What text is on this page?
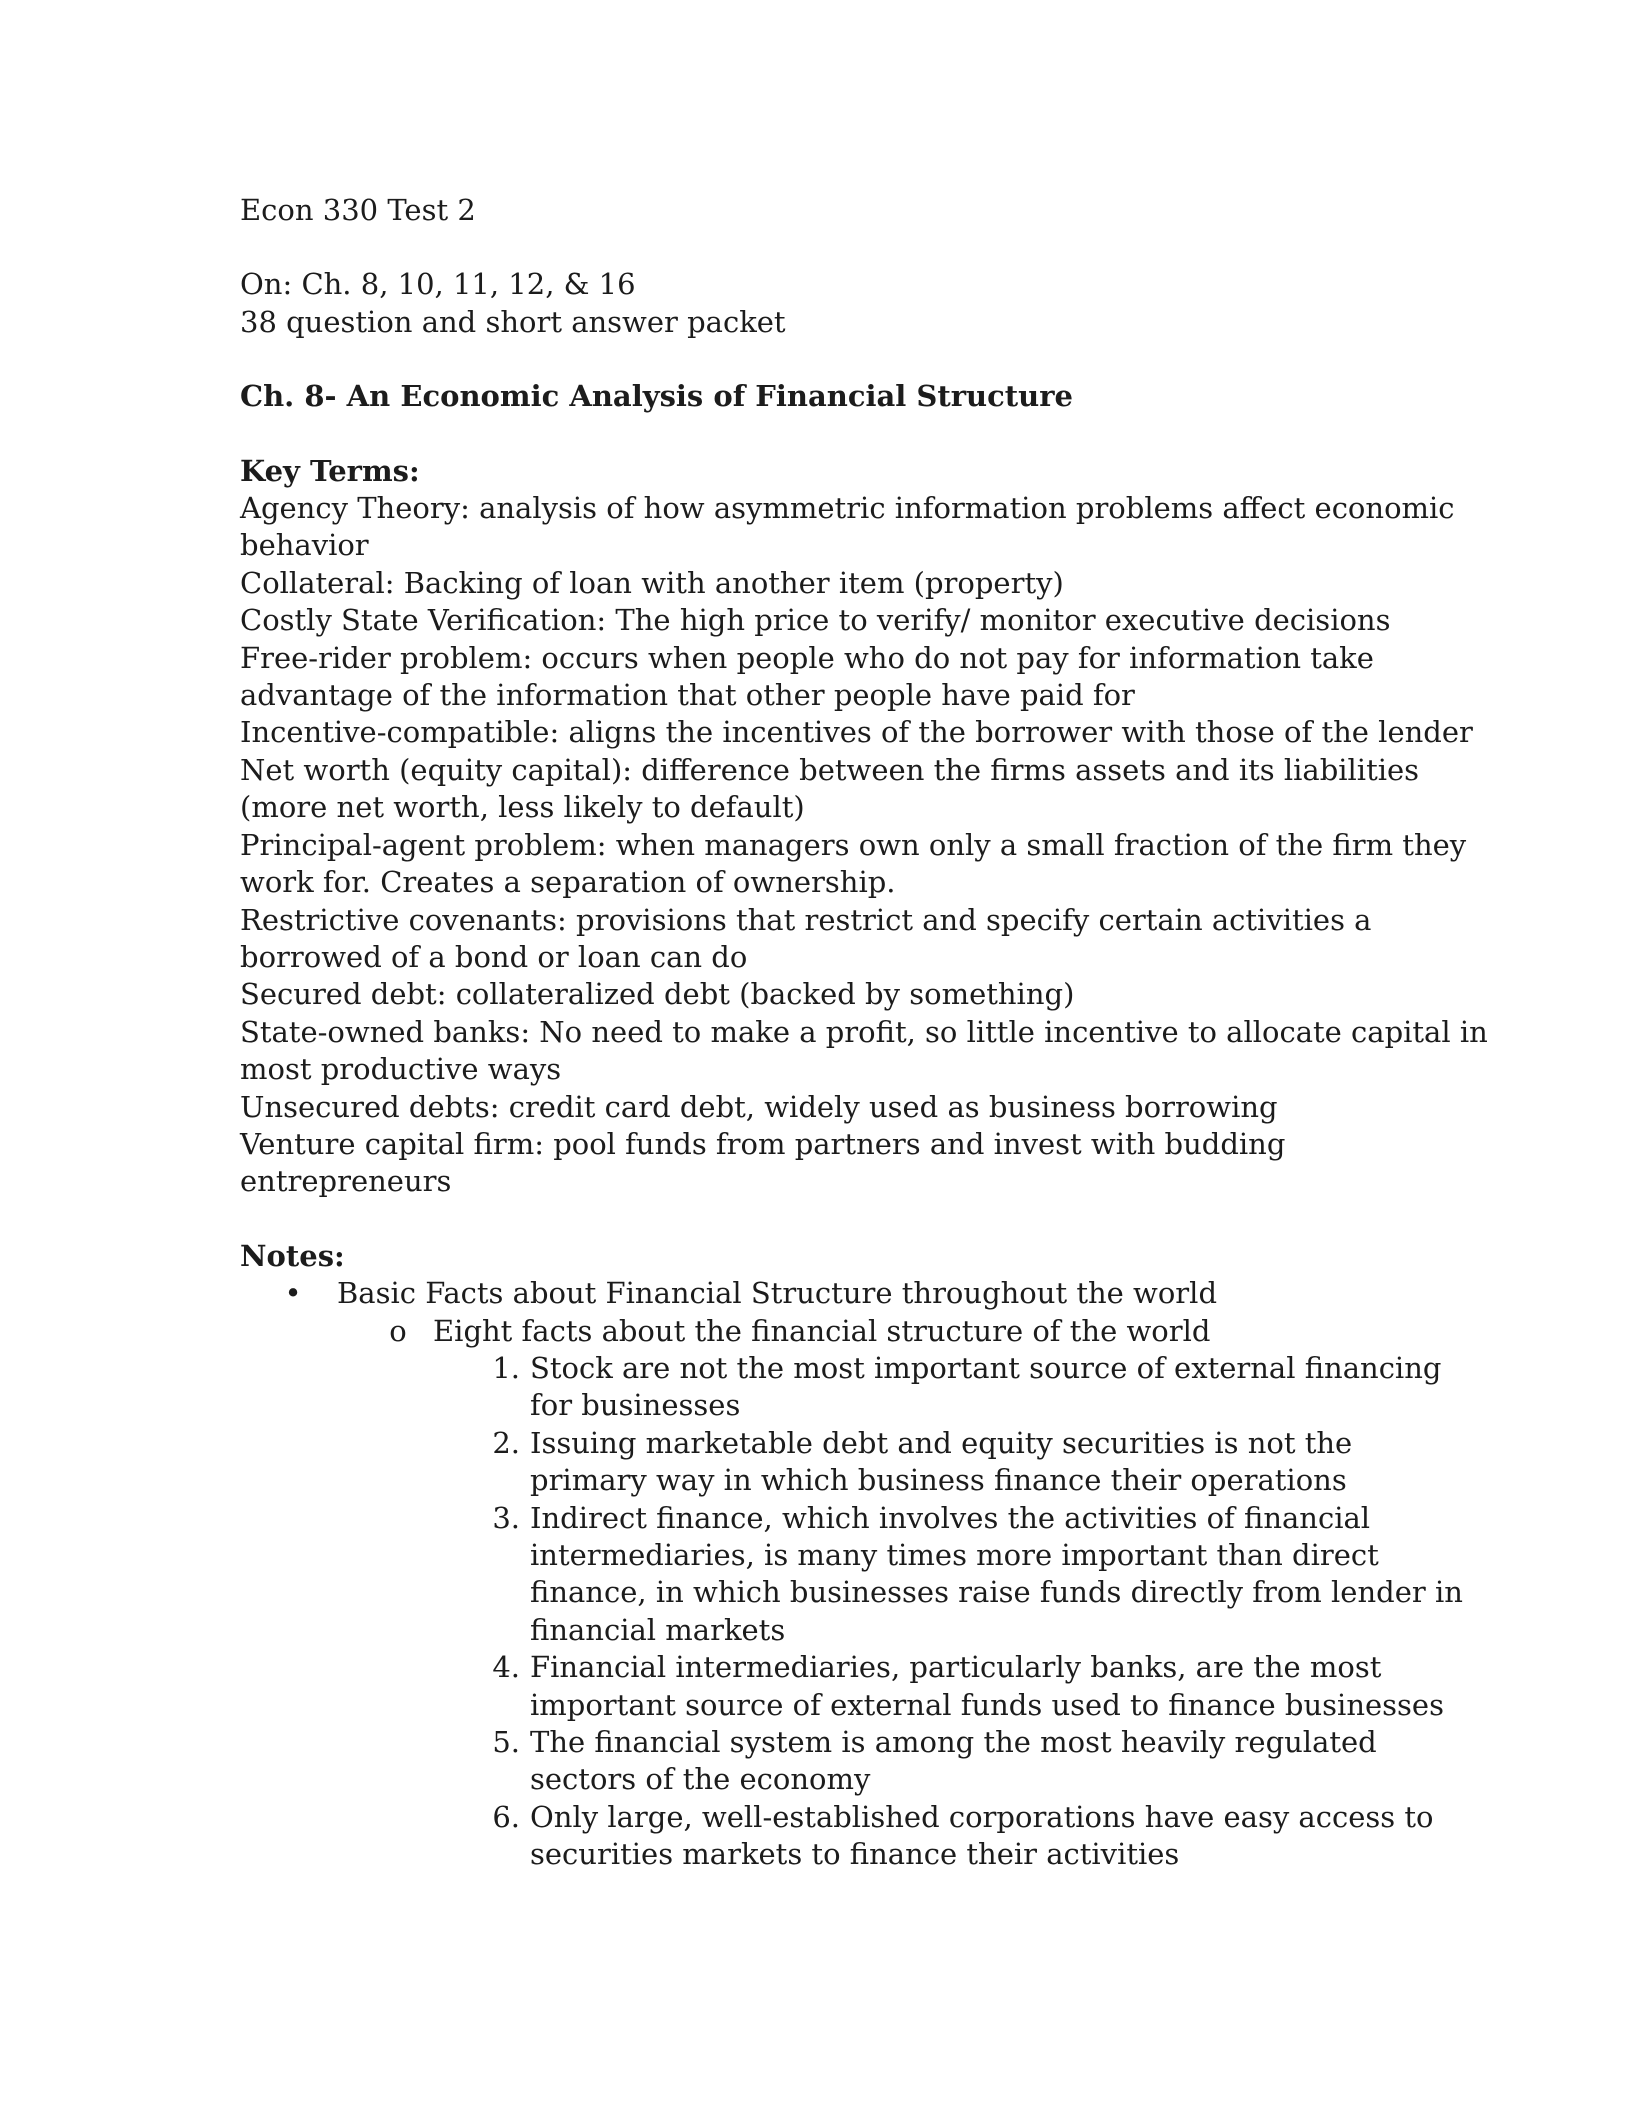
Econ 330 Test 2
On: Ch. 8, 10, 11, 12, & 16
38 question and short answer packet
Ch. 8- An Economic Analysis of Financial Structure
Key Terms:
Agency Theory: analysis of how asymmetric information problems affect economic
behavior
Collateral: Backing of loan with another item (property)
Costly State Verification: The high price to verify/ monitor executive decisions
Free-rider problem: occurs when people who do not pay for information take
advantage of the information that other people have paid for
Incentive-compatible: aligns the incentives of the borrower with those of the lender
Net worth (equity capital): difference between the firms assets and its liabilities
(more net worth, less likely to default)
Principal-agent problem: when managers own only a small fraction of the firm they
work for. Creates a separation of ownership.
Restrictive covenants: provisions that restrict and specify certain activities a
borrowed of a bond or loan can do
Secured debt: collateralized debt (backed by something)
State-owned banks: No need to make a profit, so little incentive to allocate capital in
most productive ways
Unsecured debts: credit card debt, widely used as business borrowing
Venture capital firm: pool funds from partners and invest with budding
entrepreneurs
Notes:
• Basic Facts about Financial Structure throughout the world
o Eight facts about the financial structure of the world
1. Stock are not the most important source of external financing
for businesses
2. Issuing marketable debt and equity securities is not the
primary way in which business finance their operations
3. Indirect finance, which involves the activities of financial
intermediaries, is many times more important than direct
finance, in which businesses raise funds directly from lender in
financial markets
4. Financial intermediaries, particularly banks, are the most
important source of external funds used to finance businesses
5. The financial system is among the most heavily regulated
sectors of the economy
6. Only large, well-established corporations have easy access to
securities markets to finance their activities
